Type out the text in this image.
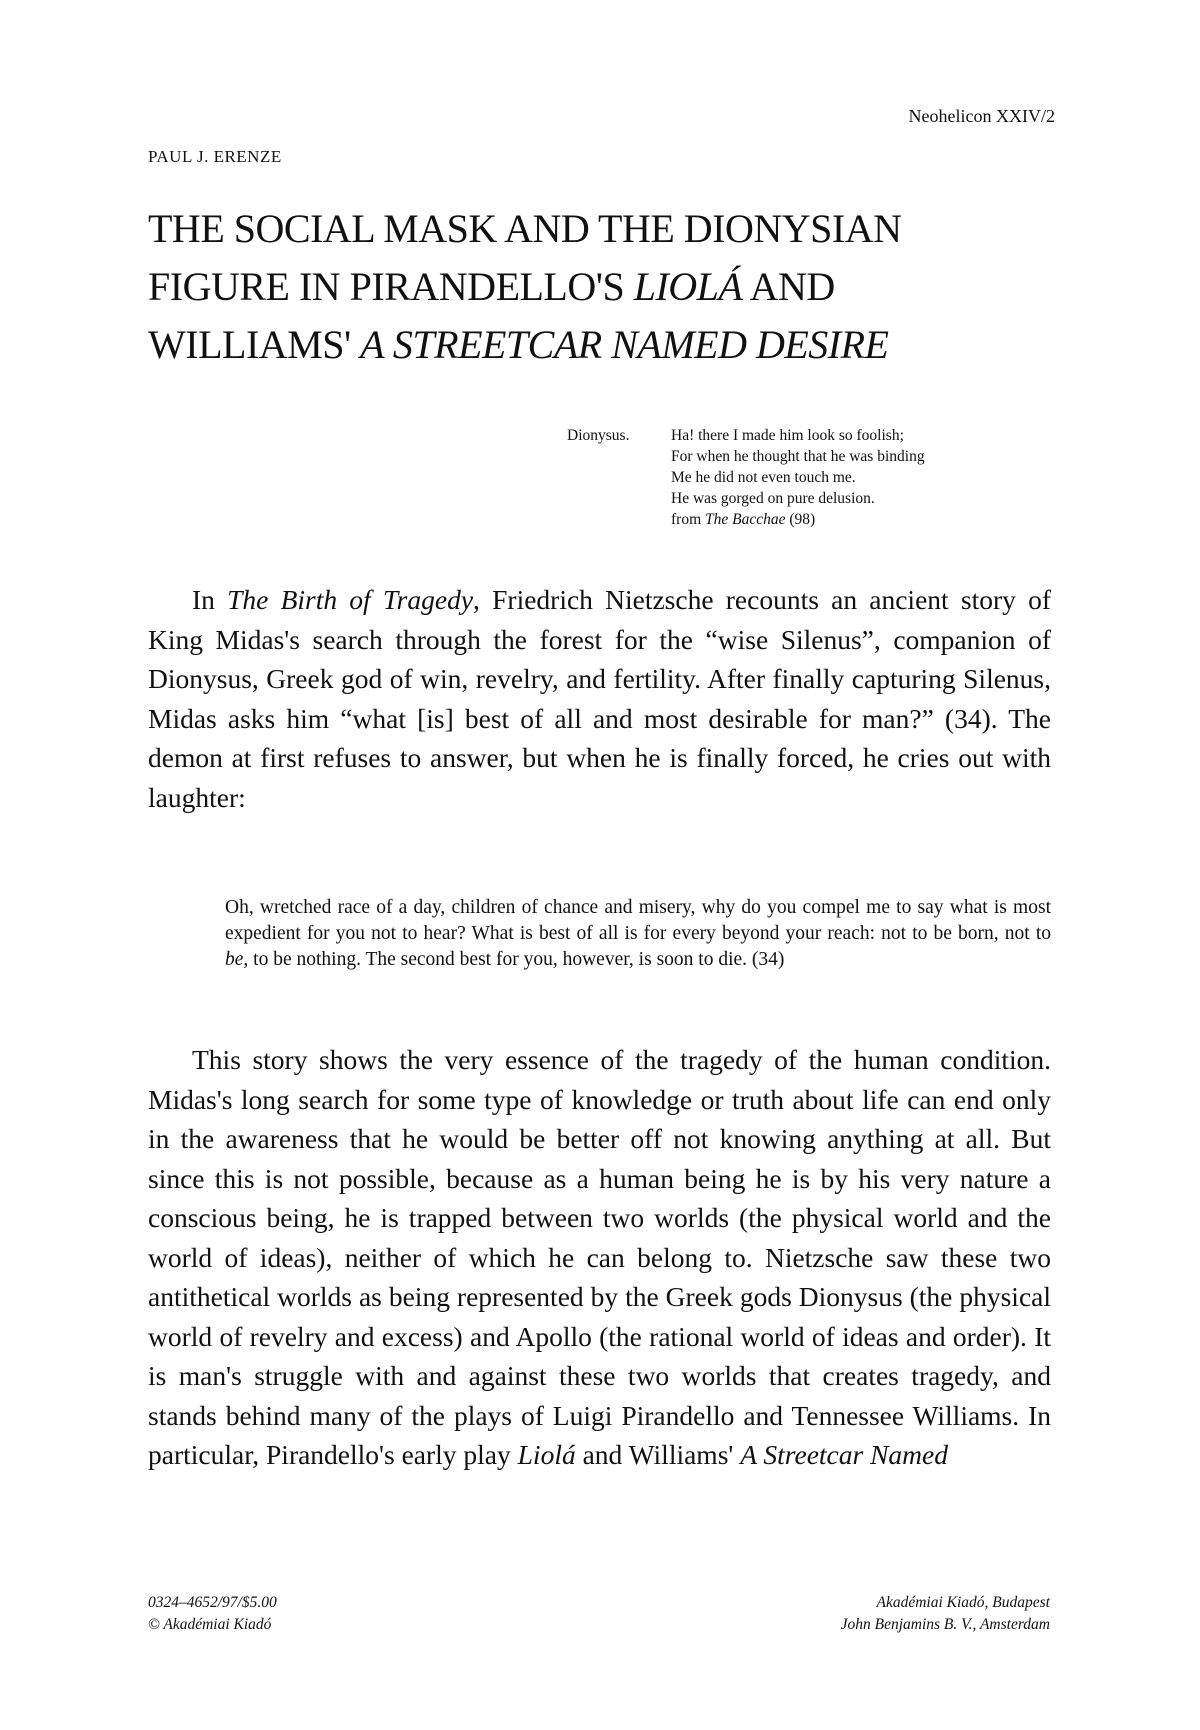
Neohelicon XXIV/2
PAUL J. ERENZE
THE SOCIAL MASK AND THE DIONYSIAN
FIGURE IN PIRANDELLO'S LIOLÁ AND
WILLIAMS' A STREETCAR NAMED DESIRE
Dionysus.	Ha! there I made him look so foolish;
For when he thought that he was binding
Me he did not even touch me.
He was gorged on pure delusion.
from The Bacchae (98)

In The Birth of Tragedy, Friedrich Nietzsche recounts an ancient story of King Midas's search through the forest for the “wise Silenus”, companion of Dionysus, Greek god of win, revelry, and fertility. After finally capturing Silenus, Midas asks him “what [is] best of all and most desirable for man?” (34). The demon at first refuses to answer, but when he is finally forced, he cries out with laughter:

Oh, wretched race of a day, children of chance and misery, why do you compel me to say what is most expedient for you not to hear? What is best of all is for every beyond your reach: not to be born, not to be, to be nothing. The second best for you, however, is soon to die. (34)

This story shows the very essence of the tragedy of the human condition. Midas's long search for some type of knowledge or truth about life can end only in the awareness that he would be better off not knowing anything at all. But since this is not possible, because as a human being he is by his very nature a conscious being, he is trapped between two worlds (the physical world and the world of ideas), neither of which he can belong to. Nietzsche saw these two antithetical worlds as being represented by the Greek gods Dionysus (the physical world of revelry and excess) and Apollo (the rational world of ideas and order). It is man's struggle with and against these two worlds that creates tragedy, and stands behind many of the plays of Luigi Pirandello and Tennessee Williams. In particular, Pirandello's early play Liolá and Williams' A Streetcar Named

0324–4652/97/$5.00
© Akadémiai Kiadó
Akadémiai Kiadó, Budapest
John Benjamins B. V., Amsterdam
